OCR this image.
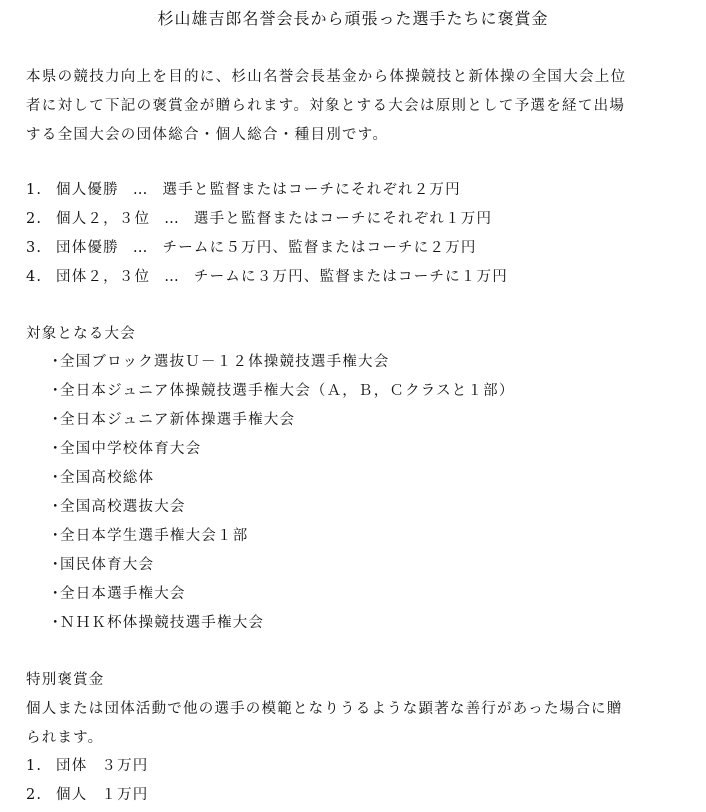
杉山雄吉郎名誉会長から頑張った選手たちに褒賞金

本県の競技力向上を目的に、杉山名誉会長基金から体操競技と新体操の全国大会上位

者に対して下記の褒賞金が贈られます。対象とする大会は原則として予選を経て出場

する全国大会の団体総合・個人総合・種目別です。

1. 個人優勝 … 選手と監督またはコーチにそれぞれ２万円
2. 個人２，３位 … 選手と監督またはコーチにそれぞれ１万円
3. 団体優勝 … チームに５万円、監督またはコーチに２万円
4. 団体２，３位 … チームに３万円、監督またはコーチに１万円
対象となる大会
・全国ブロック選抜Ｕ－１２体操競技選手権大会
・全日本ジュニア体操競技選手権大会（Ａ，Ｂ，Ｃクラスと１部）
・全日本ジュニア新体操選手権大会
・全国中学校体育大会
・全国高校総体
・全国高校選抜大会
・全日本学生選手権大会１部
・国民体育大会
・全日本選手権大会
・ＮＨＫ杯体操競技選手権大会
特別褒賞金

個人または団体活動で他の選手の模範となりうるような顕著な善行があった場合に贈

られます。

1. 団体 ３万円
2. 個人 １万円
